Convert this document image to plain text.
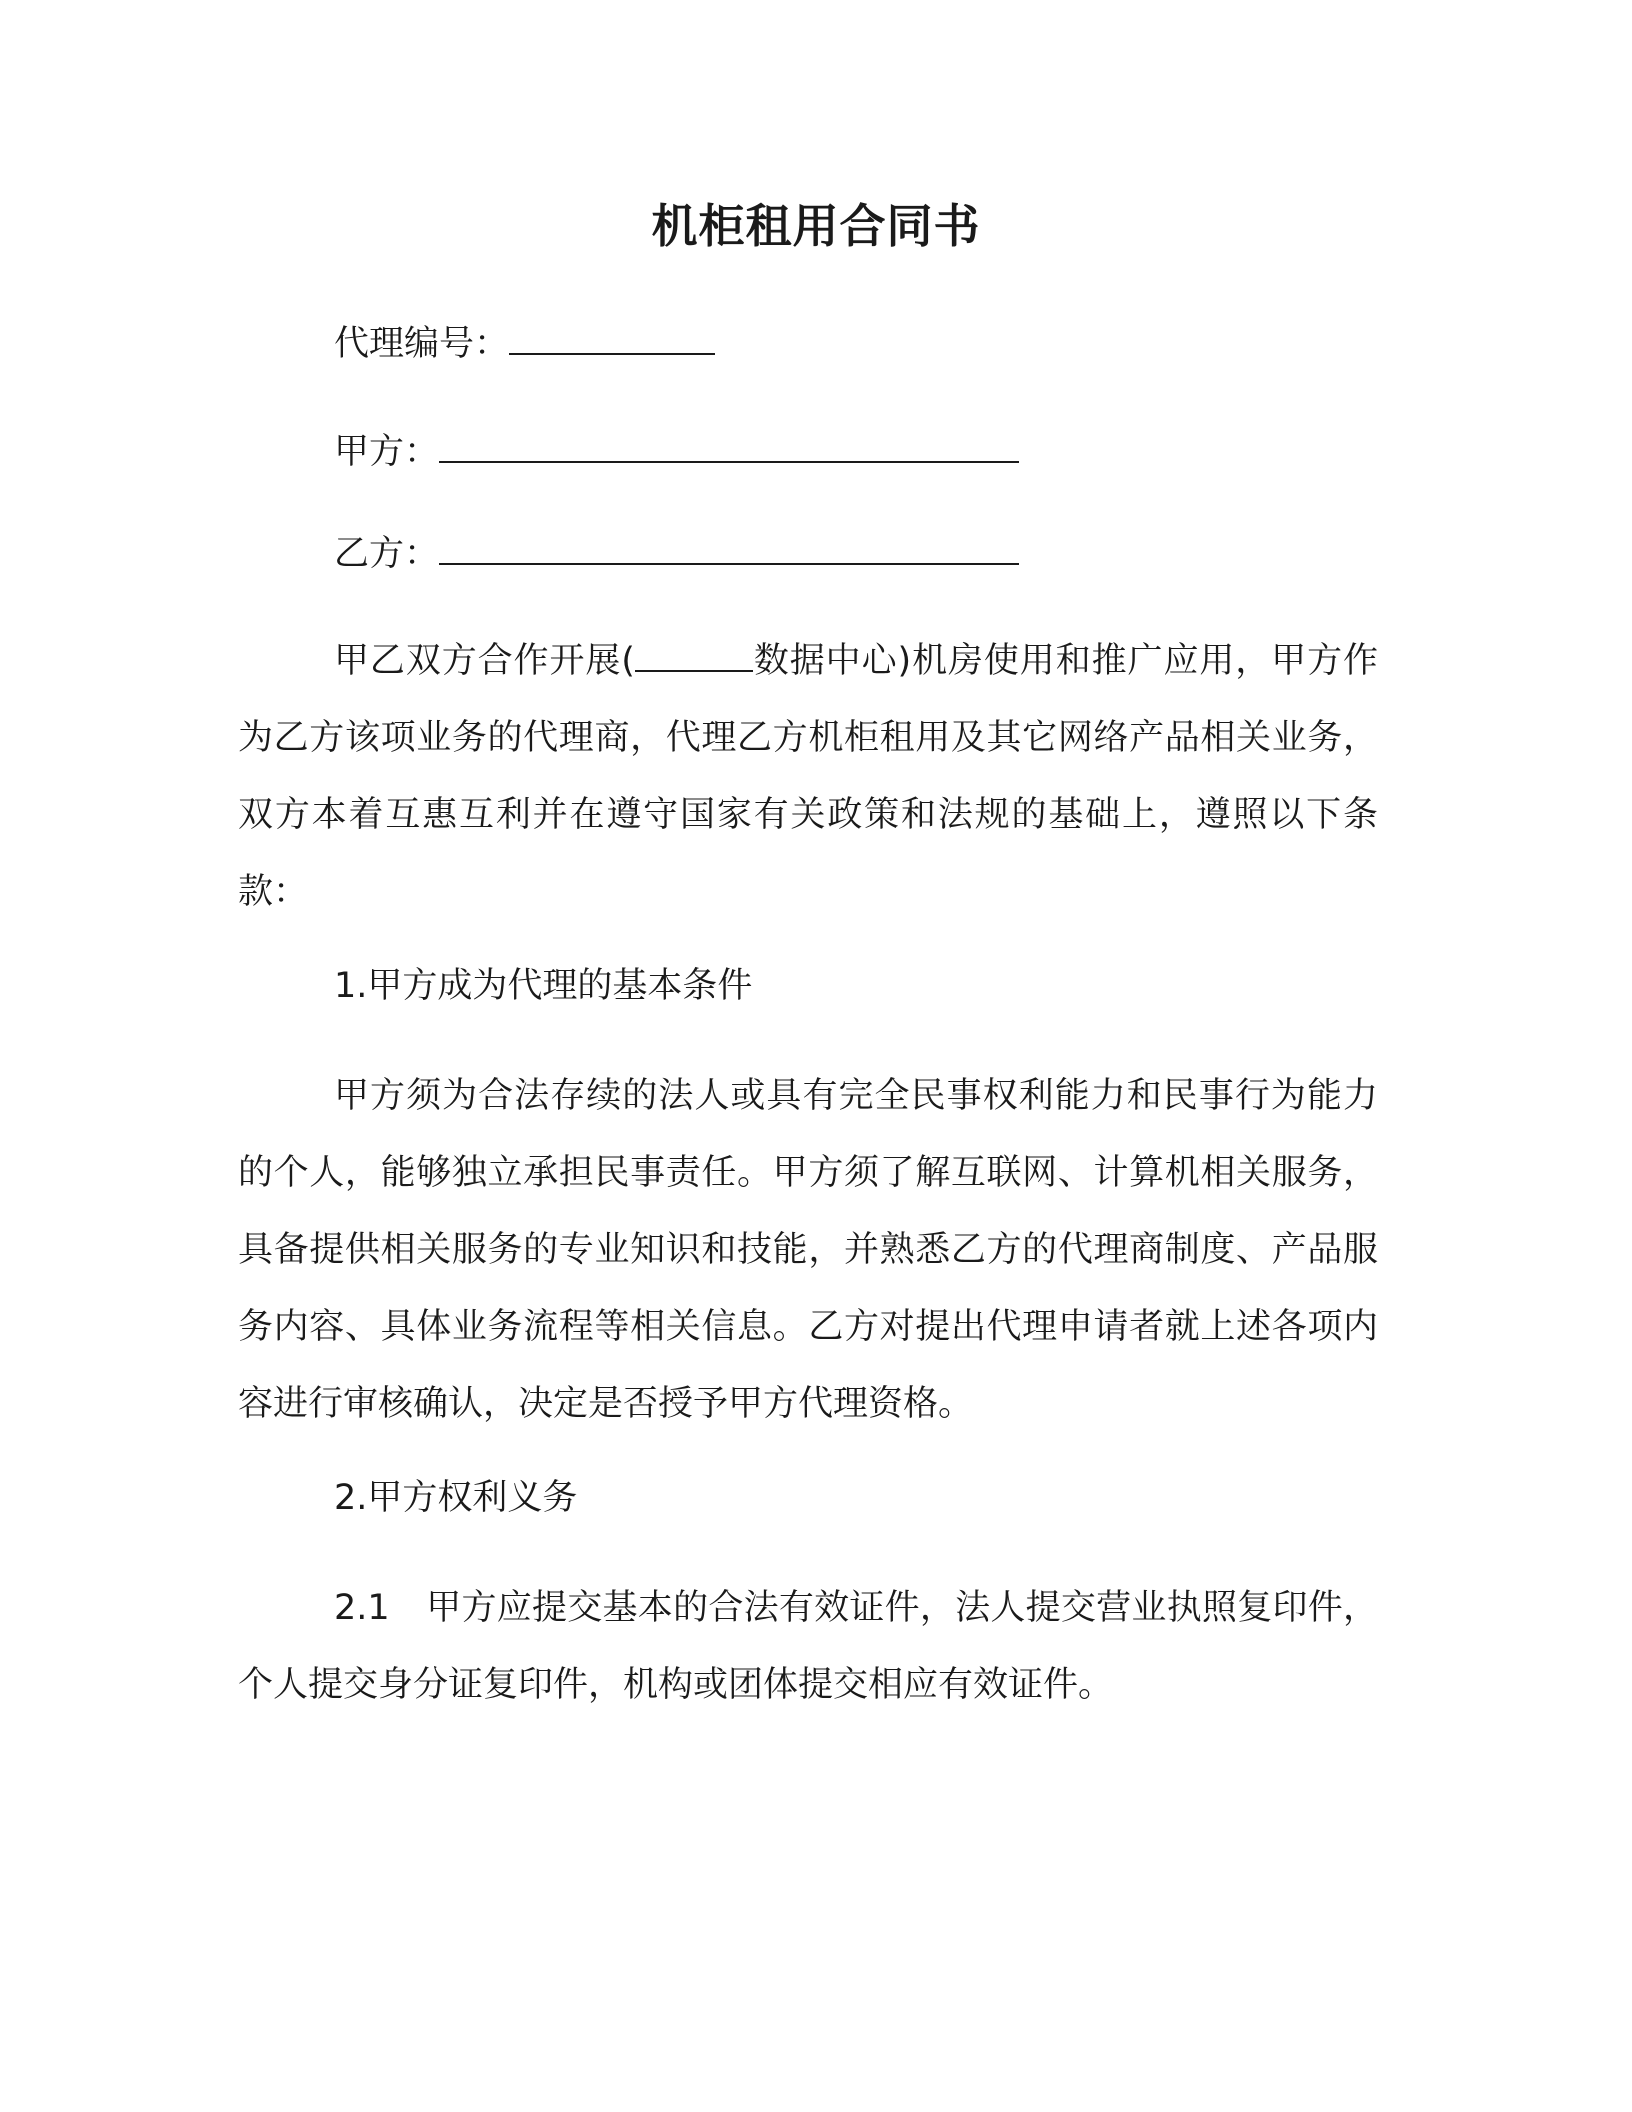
机柜租用合同书
代理编号：
甲方：
乙方：

甲乙双方合作开展(	数据中心)机房使用和推广应用，甲方作为乙方该项业务的代理商，代理乙方机柜租用及其它网络产品相关业务，双方本着互惠互利并在遵守国家有关政策和法规的基础上，遵照以下条款：

1.甲方成为代理的基本条件

甲方须为合法存续的法人或具有完全民事权利能力和民事行为能力的个人，能够独立承担民事责任。甲方须了解互联网、计算机相关服务，具备提供相关服务的专业知识和技能，并熟悉乙方的代理商制度、产品服务内容、具体业务流程等相关信息。乙方对提出代理申请者就上述各项内容进行审核确认，决定是否授予甲方代理资格。

2.甲方权利义务

2.1 甲方应提交基本的合法有效证件，法人提交营业执照复印件，个人提交身分证复印件，机构或团体提交相应有效证件。
